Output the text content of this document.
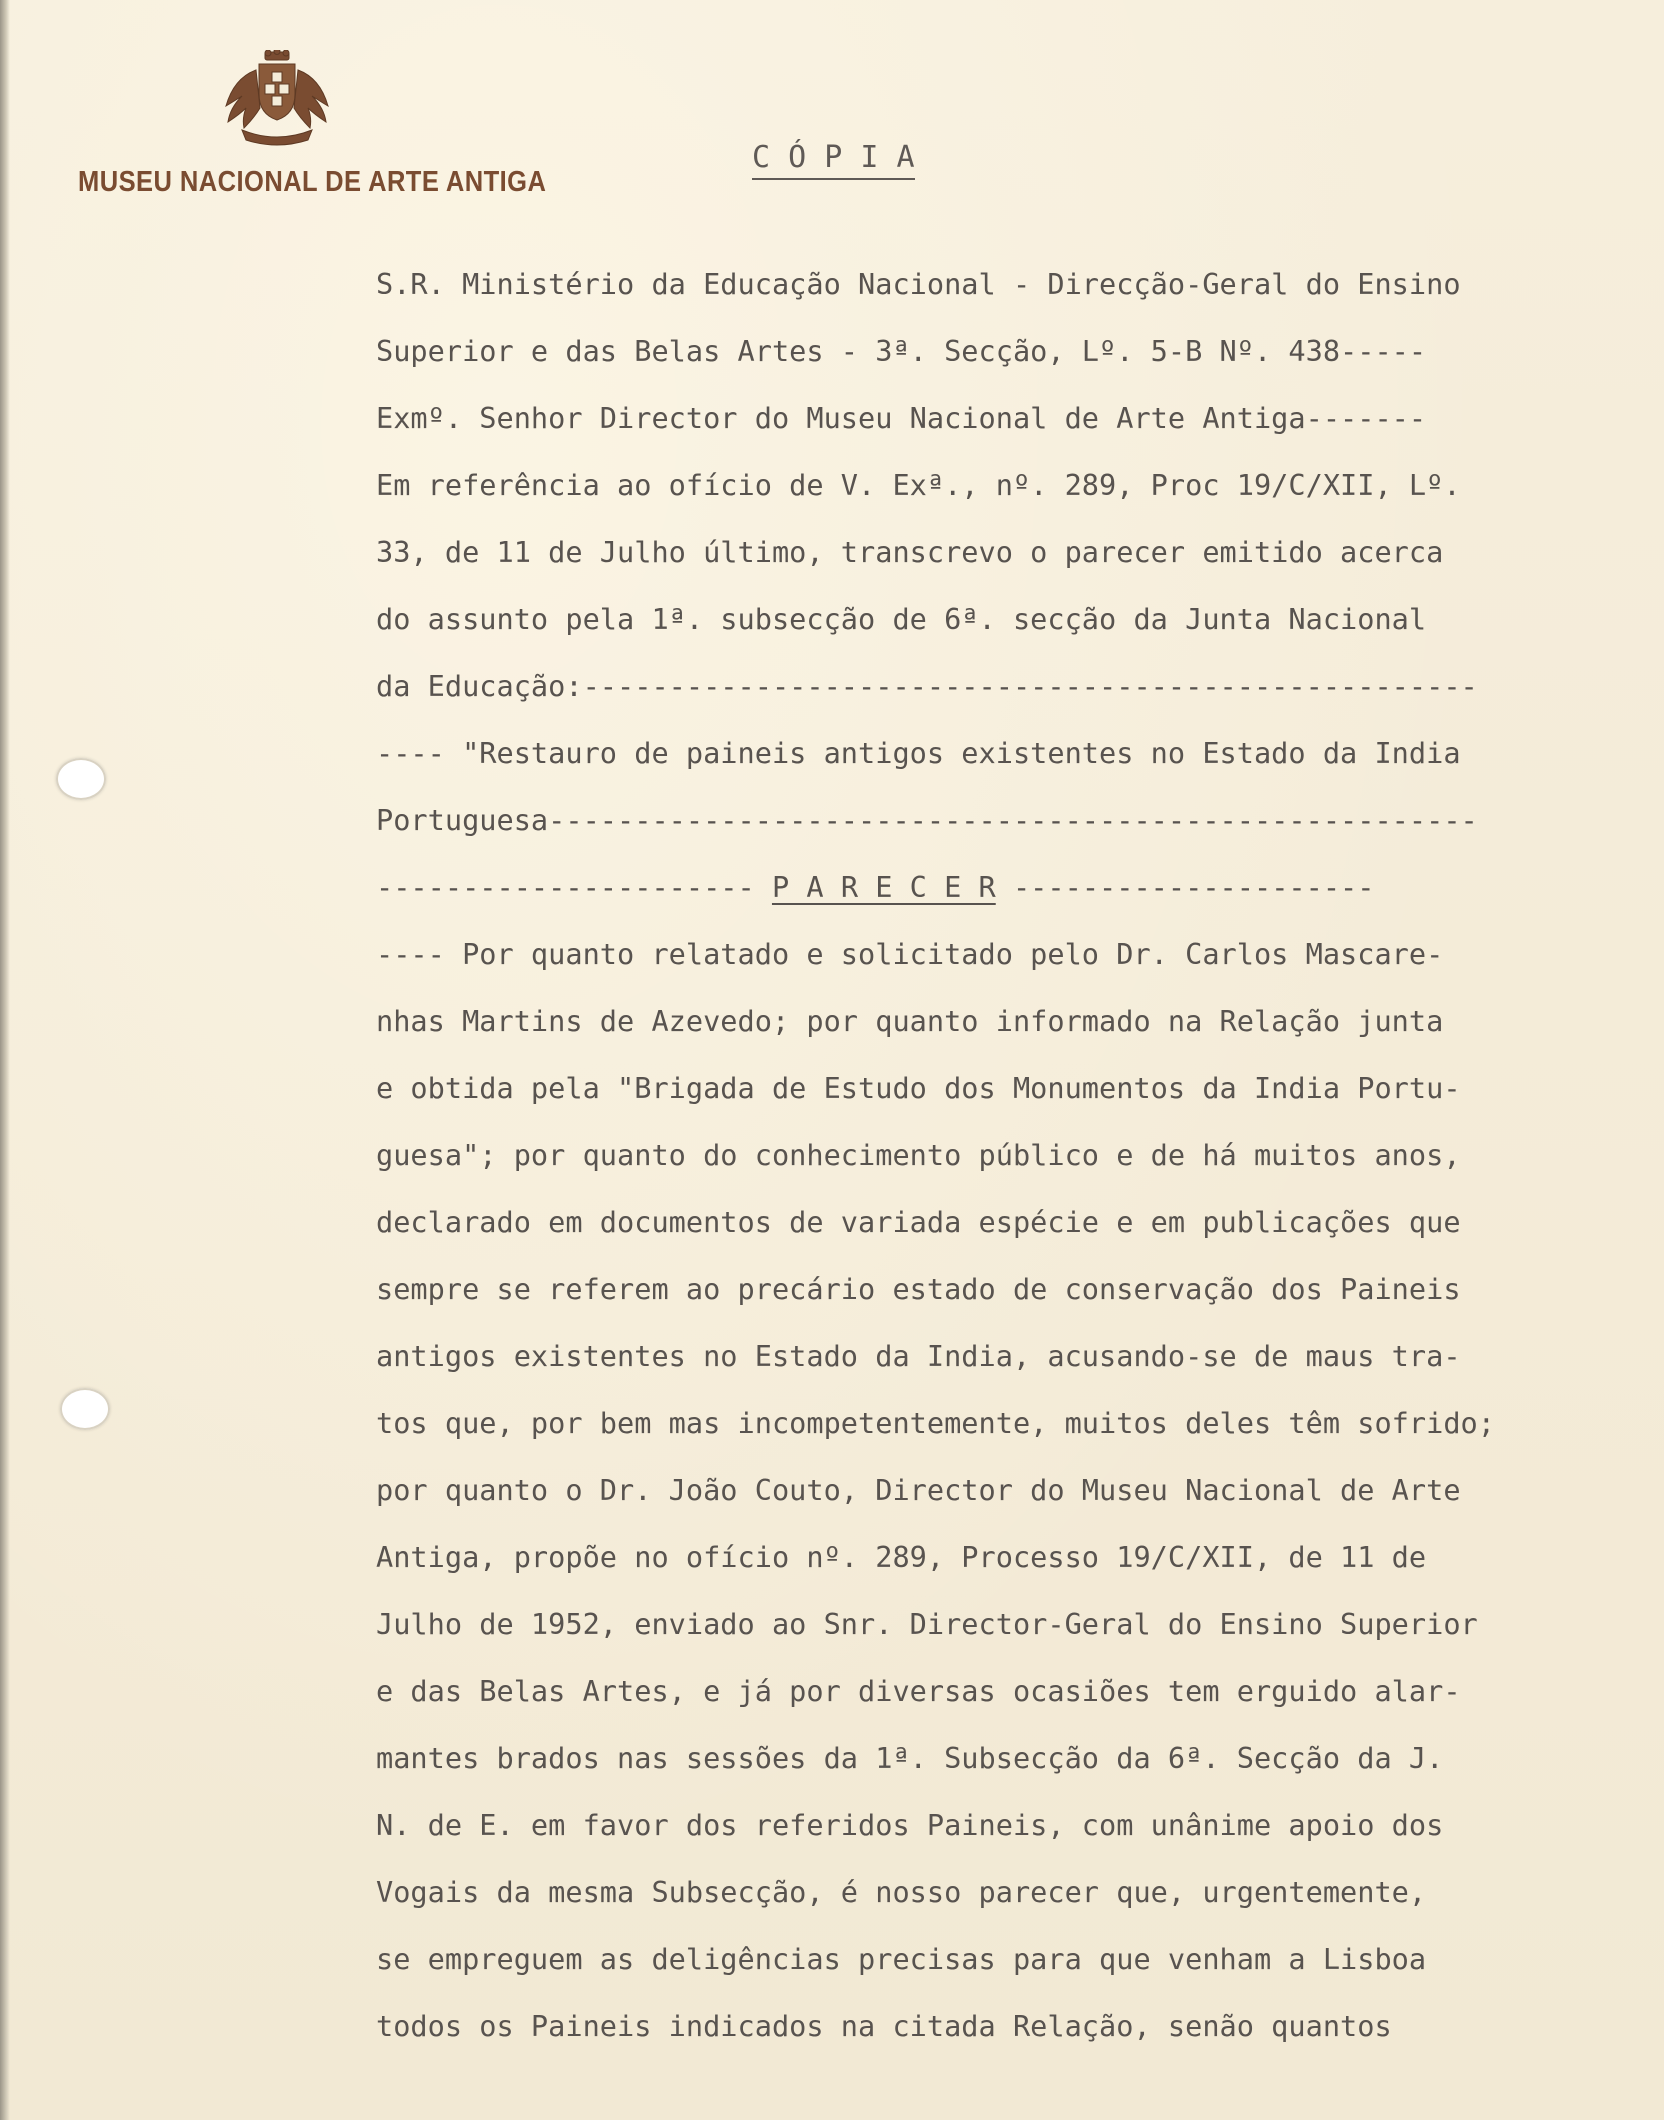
MUSEU NACIONAL DE ARTE ANTIGA
C Ó P I A
S.R. Ministério da Educação Nacional - Direcção-Geral do Ensino
Superior e das Belas Artes - 3ª. Secção, Lº. 5-B Nº. 438-----
Exmº. Senhor Director do Museu Nacional de Arte Antiga-------
Em referência ao ofício de V. Exª., nº. 289, Proc 19/C/XII, Lº.
33, de 11 de Julho último, transcrevo o parecer emitido acerca
do assunto pela 1ª. subsecção de 6ª. secção da Junta Nacional
da Educação:----------------------------------------------------
---- "Restauro de paineis antigos existentes no Estado da India
Portuguesa------------------------------------------------------
---------------------- P A R E C E R ---------------------
---- Por quanto relatado e solicitado pelo Dr. Carlos Mascare-
nhas Martins de Azevedo; por quanto informado na Relação junta
e obtida pela "Brigada de Estudo dos Monumentos da India Portu-
guesa"; por quanto do conhecimento público e de há muitos anos,
declarado em documentos de variada espécie e em publicações que
sempre se referem ao precário estado de conservação dos Paineis
antigos existentes no Estado da India, acusando-se de maus tra-
tos que, por bem mas incompetentemente, muitos deles têm sofrido;
por quanto o Dr. João Couto, Director do Museu Nacional de Arte
Antiga, propõe no ofício nº. 289, Processo 19/C/XII, de 11 de
Julho de 1952, enviado ao Snr. Director-Geral do Ensino Superior
e das Belas Artes, e já por diversas ocasiões tem erguido alar-
mantes brados nas sessões da 1ª. Subsecção da 6ª. Secção da J.
N. de E. em favor dos referidos Paineis, com unânime apoio dos
Vogais da mesma Subsecção, é nosso parecer que, urgentemente,
se empreguem as deligências precisas para que venham a Lisboa
todos os Paineis indicados na citada Relação, senão quantos
